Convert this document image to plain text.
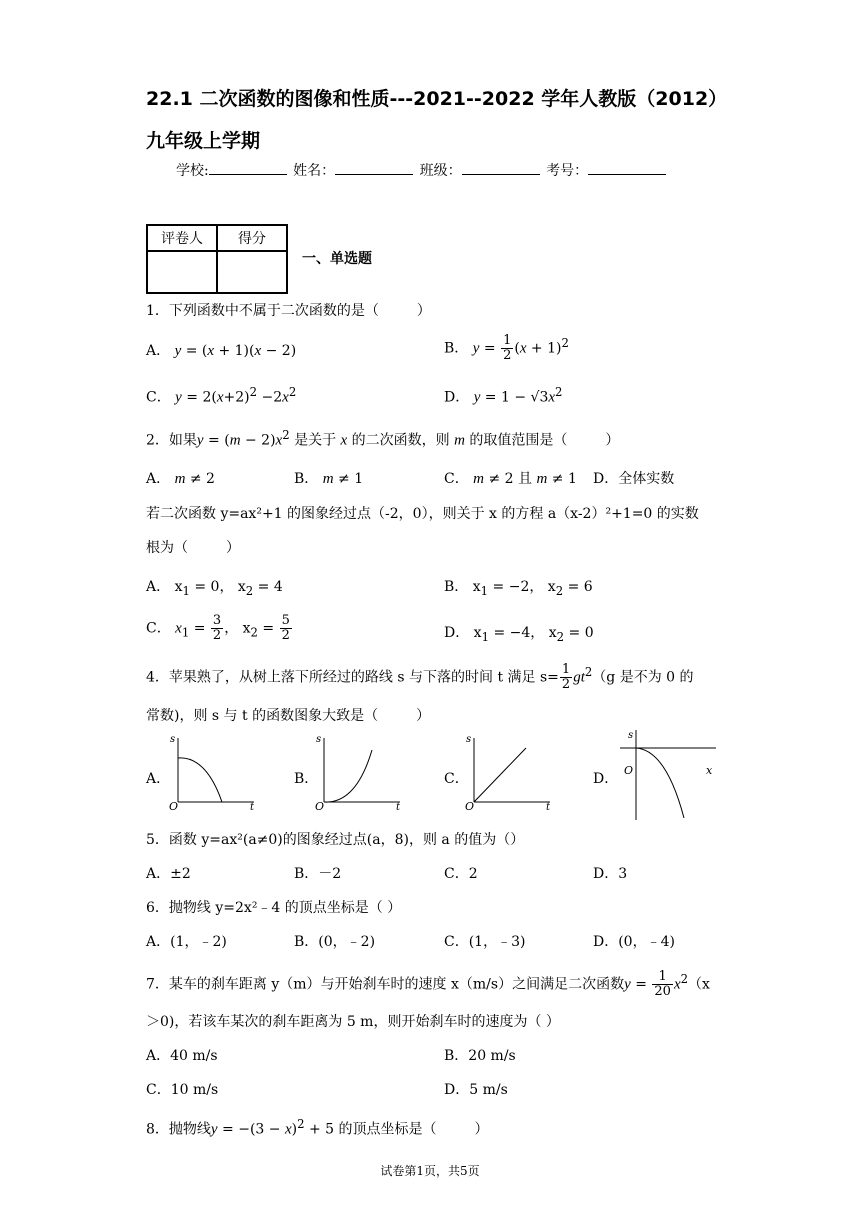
22.1 二次函数的图像和性质---2021--2022 学年人教版（2012）
九年级上学期
学校:	姓名：	班级：	考号：
评卷人	得分

一、单选题
1．下列函数中不属于二次函数的是（	）
A． y = (x + 1)(x − 2)	B． $y = \frac{1}{2} (x + 1)^2$
C． $y = 2(x+2)^2 -2x^2$	D． $y = 1 - √3x^2$
2．如果$y = (m - 2)x^2$ 是关于 x 的二次函数，则 m 的取值范围是（	）
A． m ≠ 2	B． m ≠ 1	C． m ≠ 2 且 m ≠ 1 D．全体实数
若二次函数 y=ax²+1 的图象经过点（-2，0），则关于 x 的方程 a（x-2）²+1=0 的实数
根为（	）
A． $x_1 = 0$， $x_2 = 4$	B． $x_1 = -2$， $x_2 = 6$
C． $x_1 = \frac{3}{2}$ ， $x_2 = \frac{5}{2}$	D． $x_1 = -4$， $x_2 = 0$
4．苹果熟了，从树上落下所经过的路线 s 与下落的时间 t 满足 $s= \frac{1}{2} gt^2(g$ 是不为 0 的
常数)，则 s 与 t 的函数图象大致是（	）
A．
s
t
O
B．
s
t
O
C．
s
t
O
D．
s
x
O
5．函数 y=ax²(a≠0)的图象经过点(a，8)，则 a 的值为（）
A．±2	B．－2	C．2	D．3
6．抛物线 y=2x²﹣4 的顶点坐标是（ ）
A．(1，﹣2)	B．(0，﹣2)	C．(1，﹣3)	D．(0，﹣4)
7．某车的刹车距离 y（m）与开始刹车时的速度 x（m/s）之间满足二次函数$y = \frac{1}{20} x^2(x$
＞0)，若该车某次的刹车距离为 5 m，则开始刹车时的速度为（ ）
A．40 m/s	B．20 m/s
C．10 m/s	D．5 m/s
8．抛物线$y = -(3 - x)^2 + 5$ 的顶点坐标是（	）
试卷第1页，共5页
